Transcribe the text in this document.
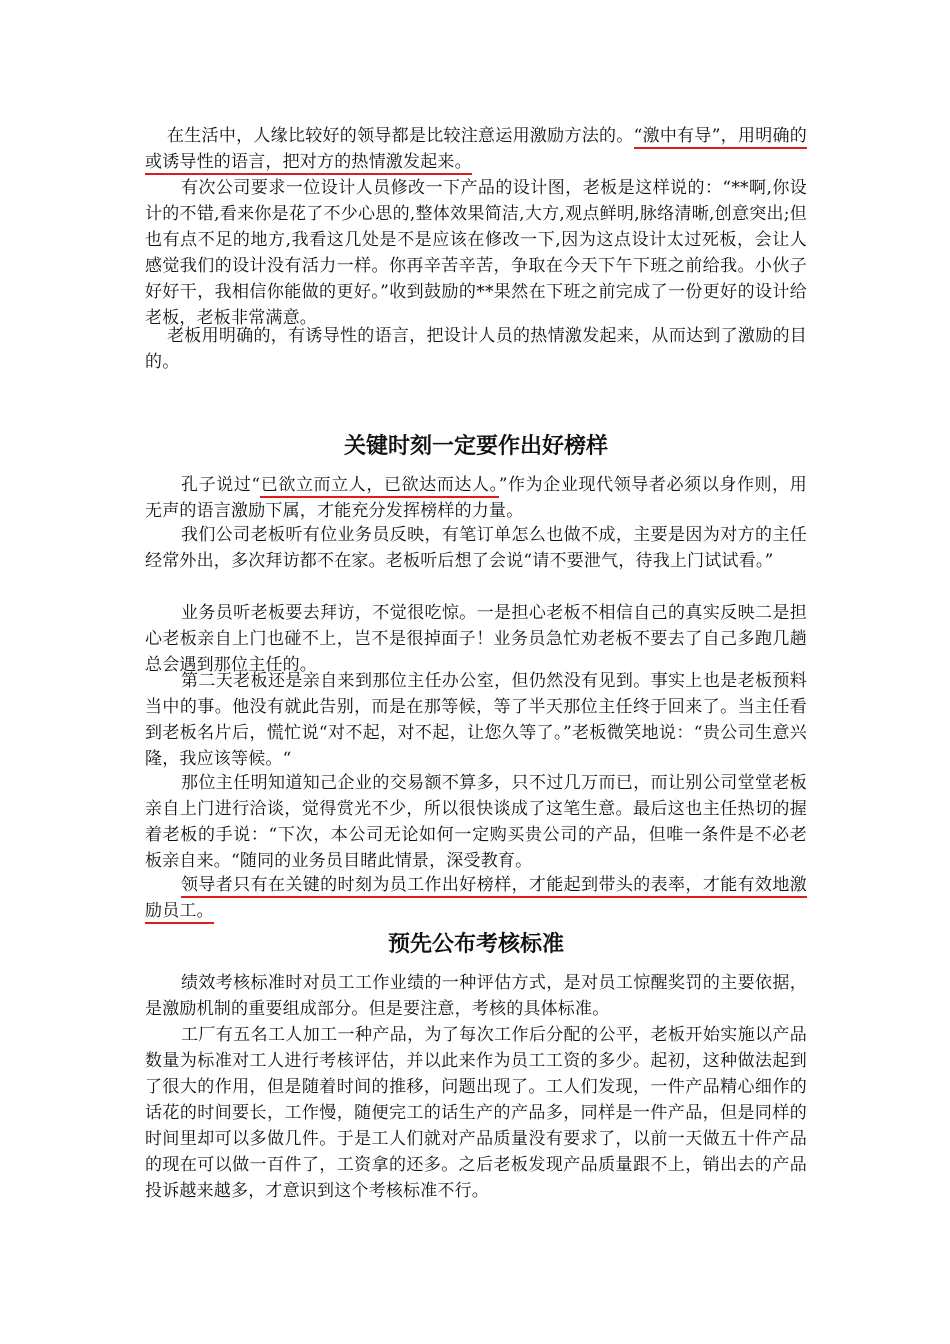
在生活中，人缘比较好的领导都是比较注意运用激励方法的。“激中有导”，用明确的或诱导性的语言，把对方的热情激发起来。

有次公司要求一位设计人员修改一下产品的设计图，老板是这样说的：“**啊,你设计的不错,看来你是花了不少心思的,整体效果简洁,大方,观点鲜明,脉络清晰,创意突出;但也有点不足的地方,我看这几处是不是应该在修改一下,因为这点设计太过死板，会让人感觉我们的设计没有活力一样。你再辛苦辛苦，争取在今天下午下班之前给我。小伙子好好干，我相信你能做的更好。”收到鼓励的**果然在下班之前完成了一份更好的设计给老板，老板非常满意。

老板用明确的，有诱导性的语言，把设计人员的热情激发起来，从而达到了激励的目的。

关键时刻一定要作出好榜样

孔子说过“已欲立而立人，已欲达而达人。”作为企业现代领导者必须以身作则，用无声的语言激励下属，才能充分发挥榜样的力量。

我们公司老板听有位业务员反映，有笔订单怎么也做不成，主要是因为对方的主任经常外出，多次拜访都不在家。老板听后想了会说“请不要泄气，待我上门试试看。”

业务员听老板要去拜访，不觉很吃惊。一是担心老板不相信自己的真实反映二是担心老板亲自上门也碰不上，岂不是很掉面子！业务员急忙劝老板不要去了自己多跑几趟总会遇到那位主任的。

第二天老板还是亲自来到那位主任办公室，但仍然没有见到。事实上也是老板预料当中的事。他没有就此告别，而是在那等候，等了半天那位主任终于回来了。当主任看到老板名片后，慌忙说“对不起，对不起，让您久等了。”老板微笑地说：“贵公司生意兴隆，我应该等候。“

那位主任明知道知己企业的交易额不算多，只不过几万而已，而让别公司堂堂老板亲自上门进行洽谈，觉得赏光不少，所以很快谈成了这笔生意。最后这也主任热切的握着老板的手说：“下次，本公司无论如何一定购买贵公司的产品，但唯一条件是不必老板亲自来。“随同的业务员目睹此情景，深受教育。

领导者只有在关键的时刻为员工作出好榜样，才能起到带头的表率，才能有效地激励员工。

预先公布考核标准

绩效考核标准时对员工工作业绩的一种评估方式，是对员工惊醒奖罚的主要依据，是激励机制的重要组成部分。但是要注意，考核的具体标准。

工厂有五名工人加工一种产品，为了每次工作后分配的公平，老板开始实施以产品数量为标准对工人进行考核评估，并以此来作为员工工资的多少。起初，这种做法起到了很大的作用，但是随着时间的推移，问题出现了。工人们发现，一件产品精心细作的话花的时间要长，工作慢，随便完工的话生产的产品多，同样是一件产品，但是同样的时间里却可以多做几件。于是工人们就对产品质量没有要求了，以前一天做五十件产品的现在可以做一百件了，工资拿的还多。之后老板发现产品质量跟不上，销出去的产品投诉越来越多，才意识到这个考核标准不行。
